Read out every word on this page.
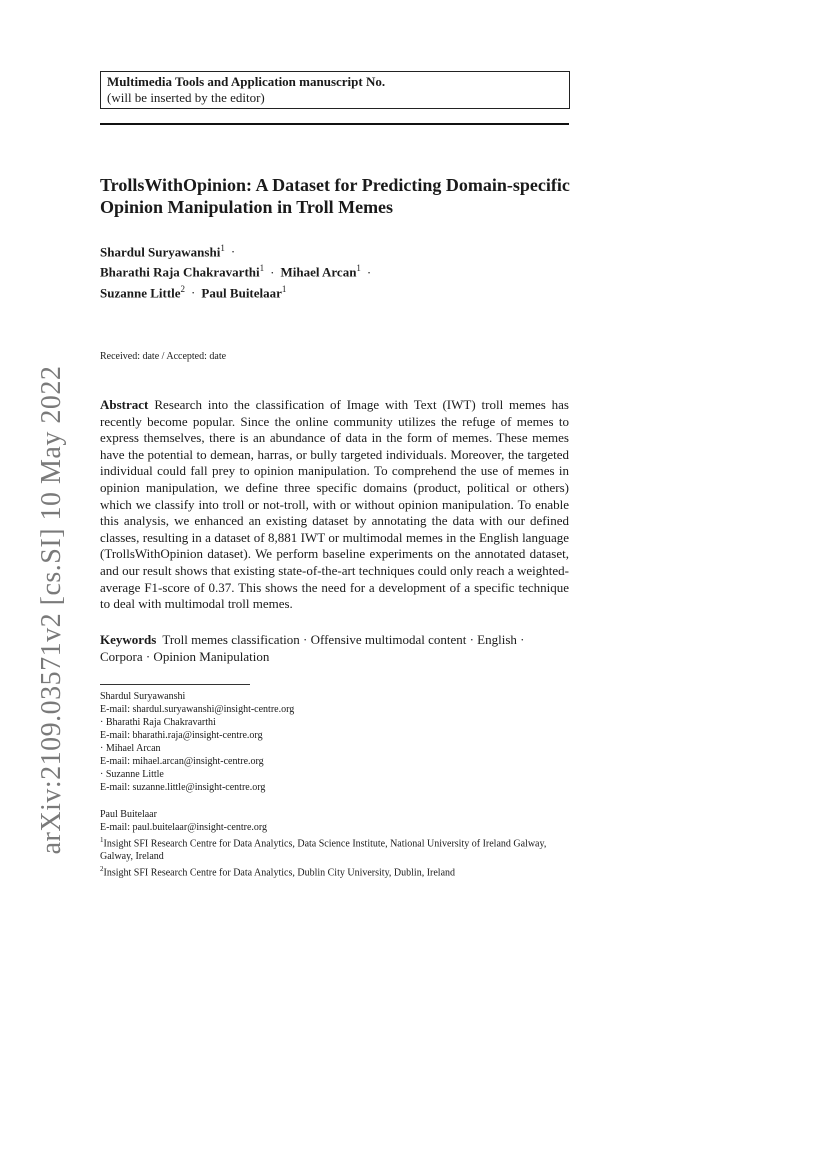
Multimedia Tools and Application manuscript No.
(will be inserted by the editor)
TrollsWithOpinion: A Dataset for Predicting Domain-specific
Opinion Manipulation in Troll Memes
Shardul Suryawanshi$^1$ ·
Bharathi Raja Chakravarthi$^1$ · Mihael Arcan$^1$ ·
Suzanne Little$^2$ · Paul Buitelaar$^1$
Received: date / Accepted: date
Abstract Research into the classification of Image with Text (IWT) troll memes has recently become popular. Since the online community utilizes the refuge of memes to express themselves, there is an abundance of data in the form of memes. These memes have the potential to demean, harras, or bully targeted individuals. Moreover, the targeted individual could fall prey to opinion manipulation. To comprehend the use of memes in opinion manipulation, we define three specific domains (product, political or others) which we classify into troll or not-troll, with or without opinion manipulation. To enable this analysis, we enhanced an existing dataset by annotating the data with our defined classes, resulting in a dataset of 8,881 IWT or multimodal memes in the English language (TrollsWithOpinion dataset). We perform baseline experiments on the annotated dataset, and our result shows that existing state-of-the-art techniques could only reach a weighted-average F1-score of 0.37. This shows the need for a development of a specific technique to deal with multimodal troll memes.
Keywords Troll memes classification · Offensive multimodal content · English · Corpora · Opinion Manipulation
Shardul Suryawanshi
E-mail: shardul.suryawanshi@insight-centre.org
· Bharathi Raja Chakravarthi
E-mail: bharathi.raja@insight-centre.org
· Mihael Arcan
E-mail: mihael.arcan@insight-centre.org
· Suzanne Little
E-mail: suzanne.little@insight-centre.org
Paul Buitelaar
E-mail: paul.buitelaar@insight-centre.org
$^1$Insight SFI Research Centre for Data Analytics, Data Science Institute, National University of Ireland Galway, Galway, Ireland
$^2$Insight SFI Research Centre for Data Analytics, Dublin City University, Dublin, Ireland
arXiv:2109.03571v2 [cs.SI] 10 May 2022
